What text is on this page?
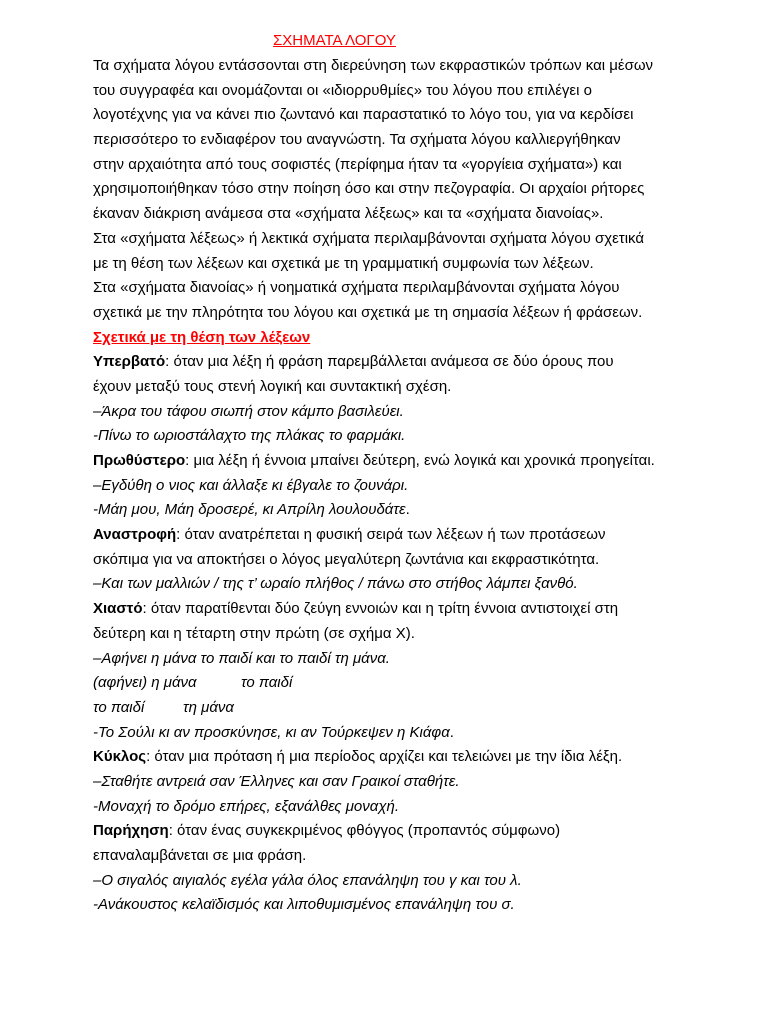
ΣΧΗΜΑΤΑ ΛΟΓΟΥ
Τα σχήματα λόγου εντάσσονται στη διερεύνηση των εκφραστικών τρόπων και μέσων
του συγγραφέα και ονομάζονται οι «ιδιορρυθμίες» του λόγου που επιλέγει ο
λογοτέχνης για να κάνει πιο ζωντανό και παραστατικό το λόγο του, για να κερδίσει
περισσότερο το ενδιαφέρον του αναγνώστη. Τα σχήματα λόγου καλλιεργήθηκαν
στην αρχαιότητα από τους σοφιστές (περίφημα ήταν τα «γοργίεια σχήματα») και
χρησιμοποιήθηκαν τόσο στην ποίηση όσο και στην πεζογραφία. Οι αρχαίοι ρήτορες
έκαναν διάκριση ανάμεσα στα «σχήματα λέξεως» και τα «σχήματα διανοίας».
Στα «σχήματα λέξεως» ή λεκτικά σχήματα περιλαμβάνονται σχήματα λόγου σχετικά
με τη θέση των λέξεων και σχετικά με τη γραμματική συμφωνία των λέξεων.
Στα «σχήματα διανοίας» ή νοηματικά σχήματα περιλαμβάνονται σχήματα λόγου
σχετικά με την πληρότητα του λόγου και σχετικά με τη σημασία λέξεων ή φράσεων.
Σχετικά με τη θέση των λέξεων
Υπερβατό: όταν μια λέξη ή φράση παρεμβάλλεται ανάμεσα σε δύο όρους που
έχουν μεταξύ τους στενή λογική και συντακτική σχέση.
–Άκρα του τάφου σιωπή στον κάμπο βασιλεύει.
-Πίνω το ωριοστάλαχτο της πλάκας το φαρμάκι.
Πρωθύστερο: μια λέξη ή έννοια μπαίνει δεύτερη, ενώ λογικά και χρονικά προηγείται.
–Εγδύθη ο νιος και άλλαξε κι έβγαλε το ζουνάρι.
-Μάη μου, Μάη δροσερέ, κι Απρίλη λουλουδάτε.
Αναστροφή: όταν ανατρέπεται η φυσική σειρά των λέξεων ή των προτάσεων
σκόπιμα για να αποκτήσει ο λόγος μεγαλύτερη ζωντάνια και εκφραστικότητα.
–Και των μαλλιών / της τ’ ωραίο πλήθος / πάνω στο στήθος λάμπει ξανθό.
Χιαστό: όταν παρατίθενται δύο ζεύγη εννοιών και η τρίτη έννοια αντιστοιχεί στη
δεύτερη και η τέταρτη στην πρώτη (σε σχήμα Χ).
–Αφήνει η μάνα το παιδί και το παιδί τη μάνα.
(αφήνει) η μάνα	το παιδί
το παιδί	τη μάνα
-Το Σούλι κι αν προσκύνησε, κι αν Τούρκεψεν η Κιάφα.
Κύκλος: όταν μια πρόταση ή μια περίοδος αρχίζει και τελειώνει με την ίδια λέξη.
–Σταθήτε αντρειά σαν Έλληνες και σαν Γραικοί σταθήτε.
-Μοναχή το δρόμο επήρες, εξανάλθες μοναχή.
Παρήχηση: όταν ένας συγκεκριμένος φθόγγος (προπαντός σύμφωνο)
επαναλαμβάνεται σε μια φράση.
–Ο σιγαλός αιγιαλός εγέλα γάλα όλος επανάληψη του γ και του λ.
-Ανάκουστος κελαϊδισμός και λιποθυμισμένος επανάληψη του σ.
